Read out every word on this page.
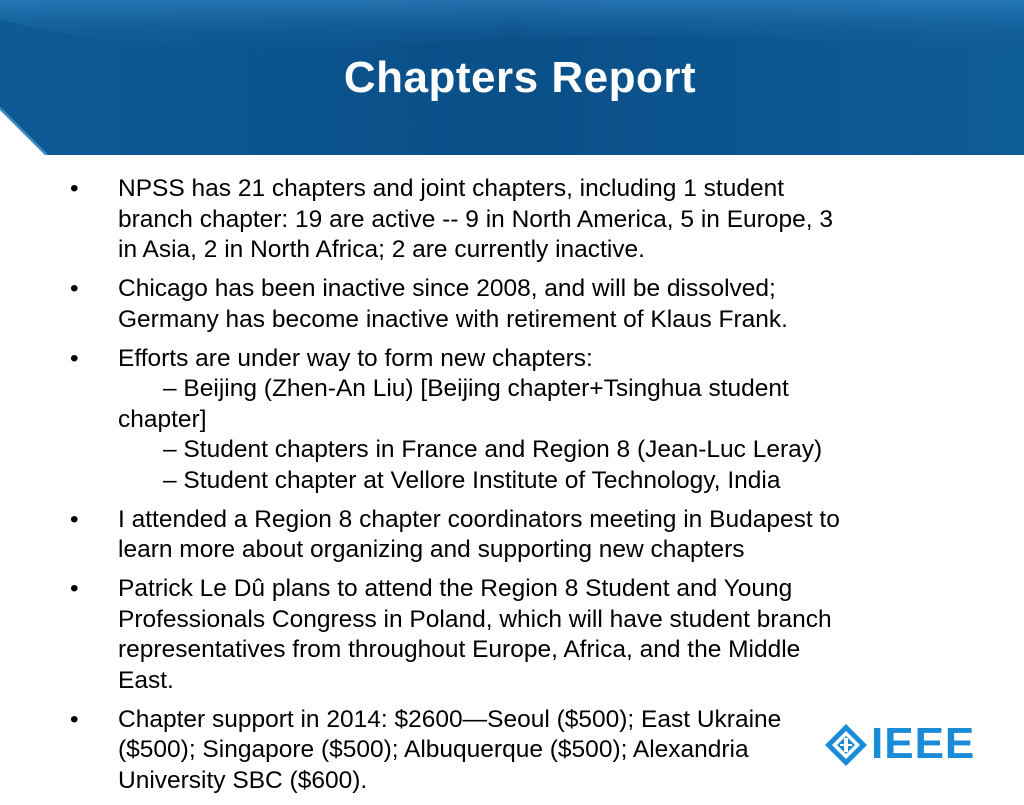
Chapters Report
• NPSS has 21 chapters and joint chapters, including 1 student
branch chapter: 19 are active -- 9 in North America, 5 in Europe, 3
in Asia, 2 in North Africa; 2 are currently inactive.
• Chicago has been inactive since 2008, and will be dissolved;
Germany has become inactive with retirement of Klaus Frank.
• Efforts are under way to form new chapters:
– Beijing (Zhen-An Liu) [Beijing chapter+Tsinghua student
chapter]
– Student chapters in France and Region 8 (Jean-Luc Leray)
– Student chapter at Vellore Institute of Technology, India
• I attended a Region 8 chapter coordinators meeting in Budapest to
learn more about organizing and supporting new chapters
• Patrick Le Dû plans to attend the Region 8 Student and Young
Professionals Congress in Poland, which will have student branch
representatives from throughout Europe, Africa, and the Middle
East.
• Chapter support in 2014: $2600—Seoul ($500); East Ukraine
($500); Singapore ($500); Albuquerque ($500); Alexandria
University SBC ($600).
IEEE
